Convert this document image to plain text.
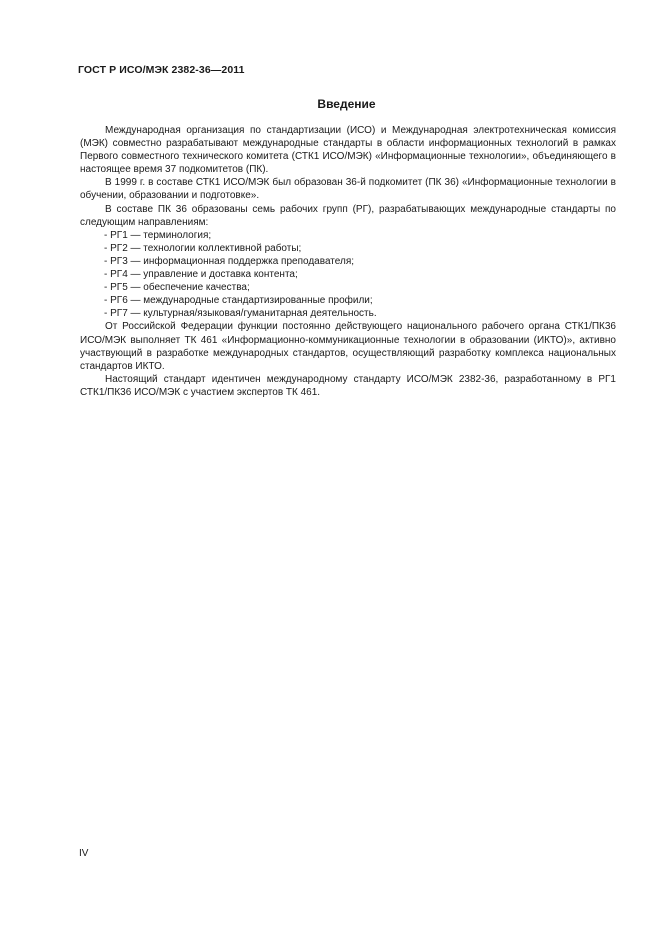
ГОСТ Р ИСО/МЭК 2382-36—2011
Введение

Международная организация по стандартизации (ИСО) и Международная электротехническая комиссия (МЭК) совместно разрабатывают международные стандарты в области информационных технологий в рамках Первого совместного технического комитета (СТК1 ИСО/МЭК) «Информационные технологии», объединяющего в настоящее время 37 подкомитетов (ПК).

В 1999 г. в составе СТК1 ИСО/МЭК был образован 36-й подкомитет (ПК 36) «Информационные технологии в обучении, образовании и подготовке».

В составе ПК 36 образованы семь рабочих групп (РГ), разрабатывающих международные стандарты по следующим направлениям:

- РГ1 — терминология;
- РГ2 — технологии коллективной работы;
- РГ3 — информационная поддержка преподавателя;
- РГ4 — управление и доставка контента;
- РГ5 — обеспечение качества;
- РГ6 — международные стандартизированные профили;
- РГ7 — культурная/языковая/гуманитарная деятельность.

От Российской Федерации функции постоянно действующего национального рабочего органа СТК1/ПК36 ИСО/МЭК выполняет ТК 461 «Информационно-коммуникационные технологии в образовании (ИКТО)», активно участвующий в разработке международных стандартов, осуществляющий разработку комплекса национальных стандартов ИКТО.

Настоящий стандарт идентичен международному стандарту ИСО/МЭК 2382-36, разработанному в РГ1 СТК1/ПК36 ИСО/МЭК с участием экспертов ТК 461.

IV
